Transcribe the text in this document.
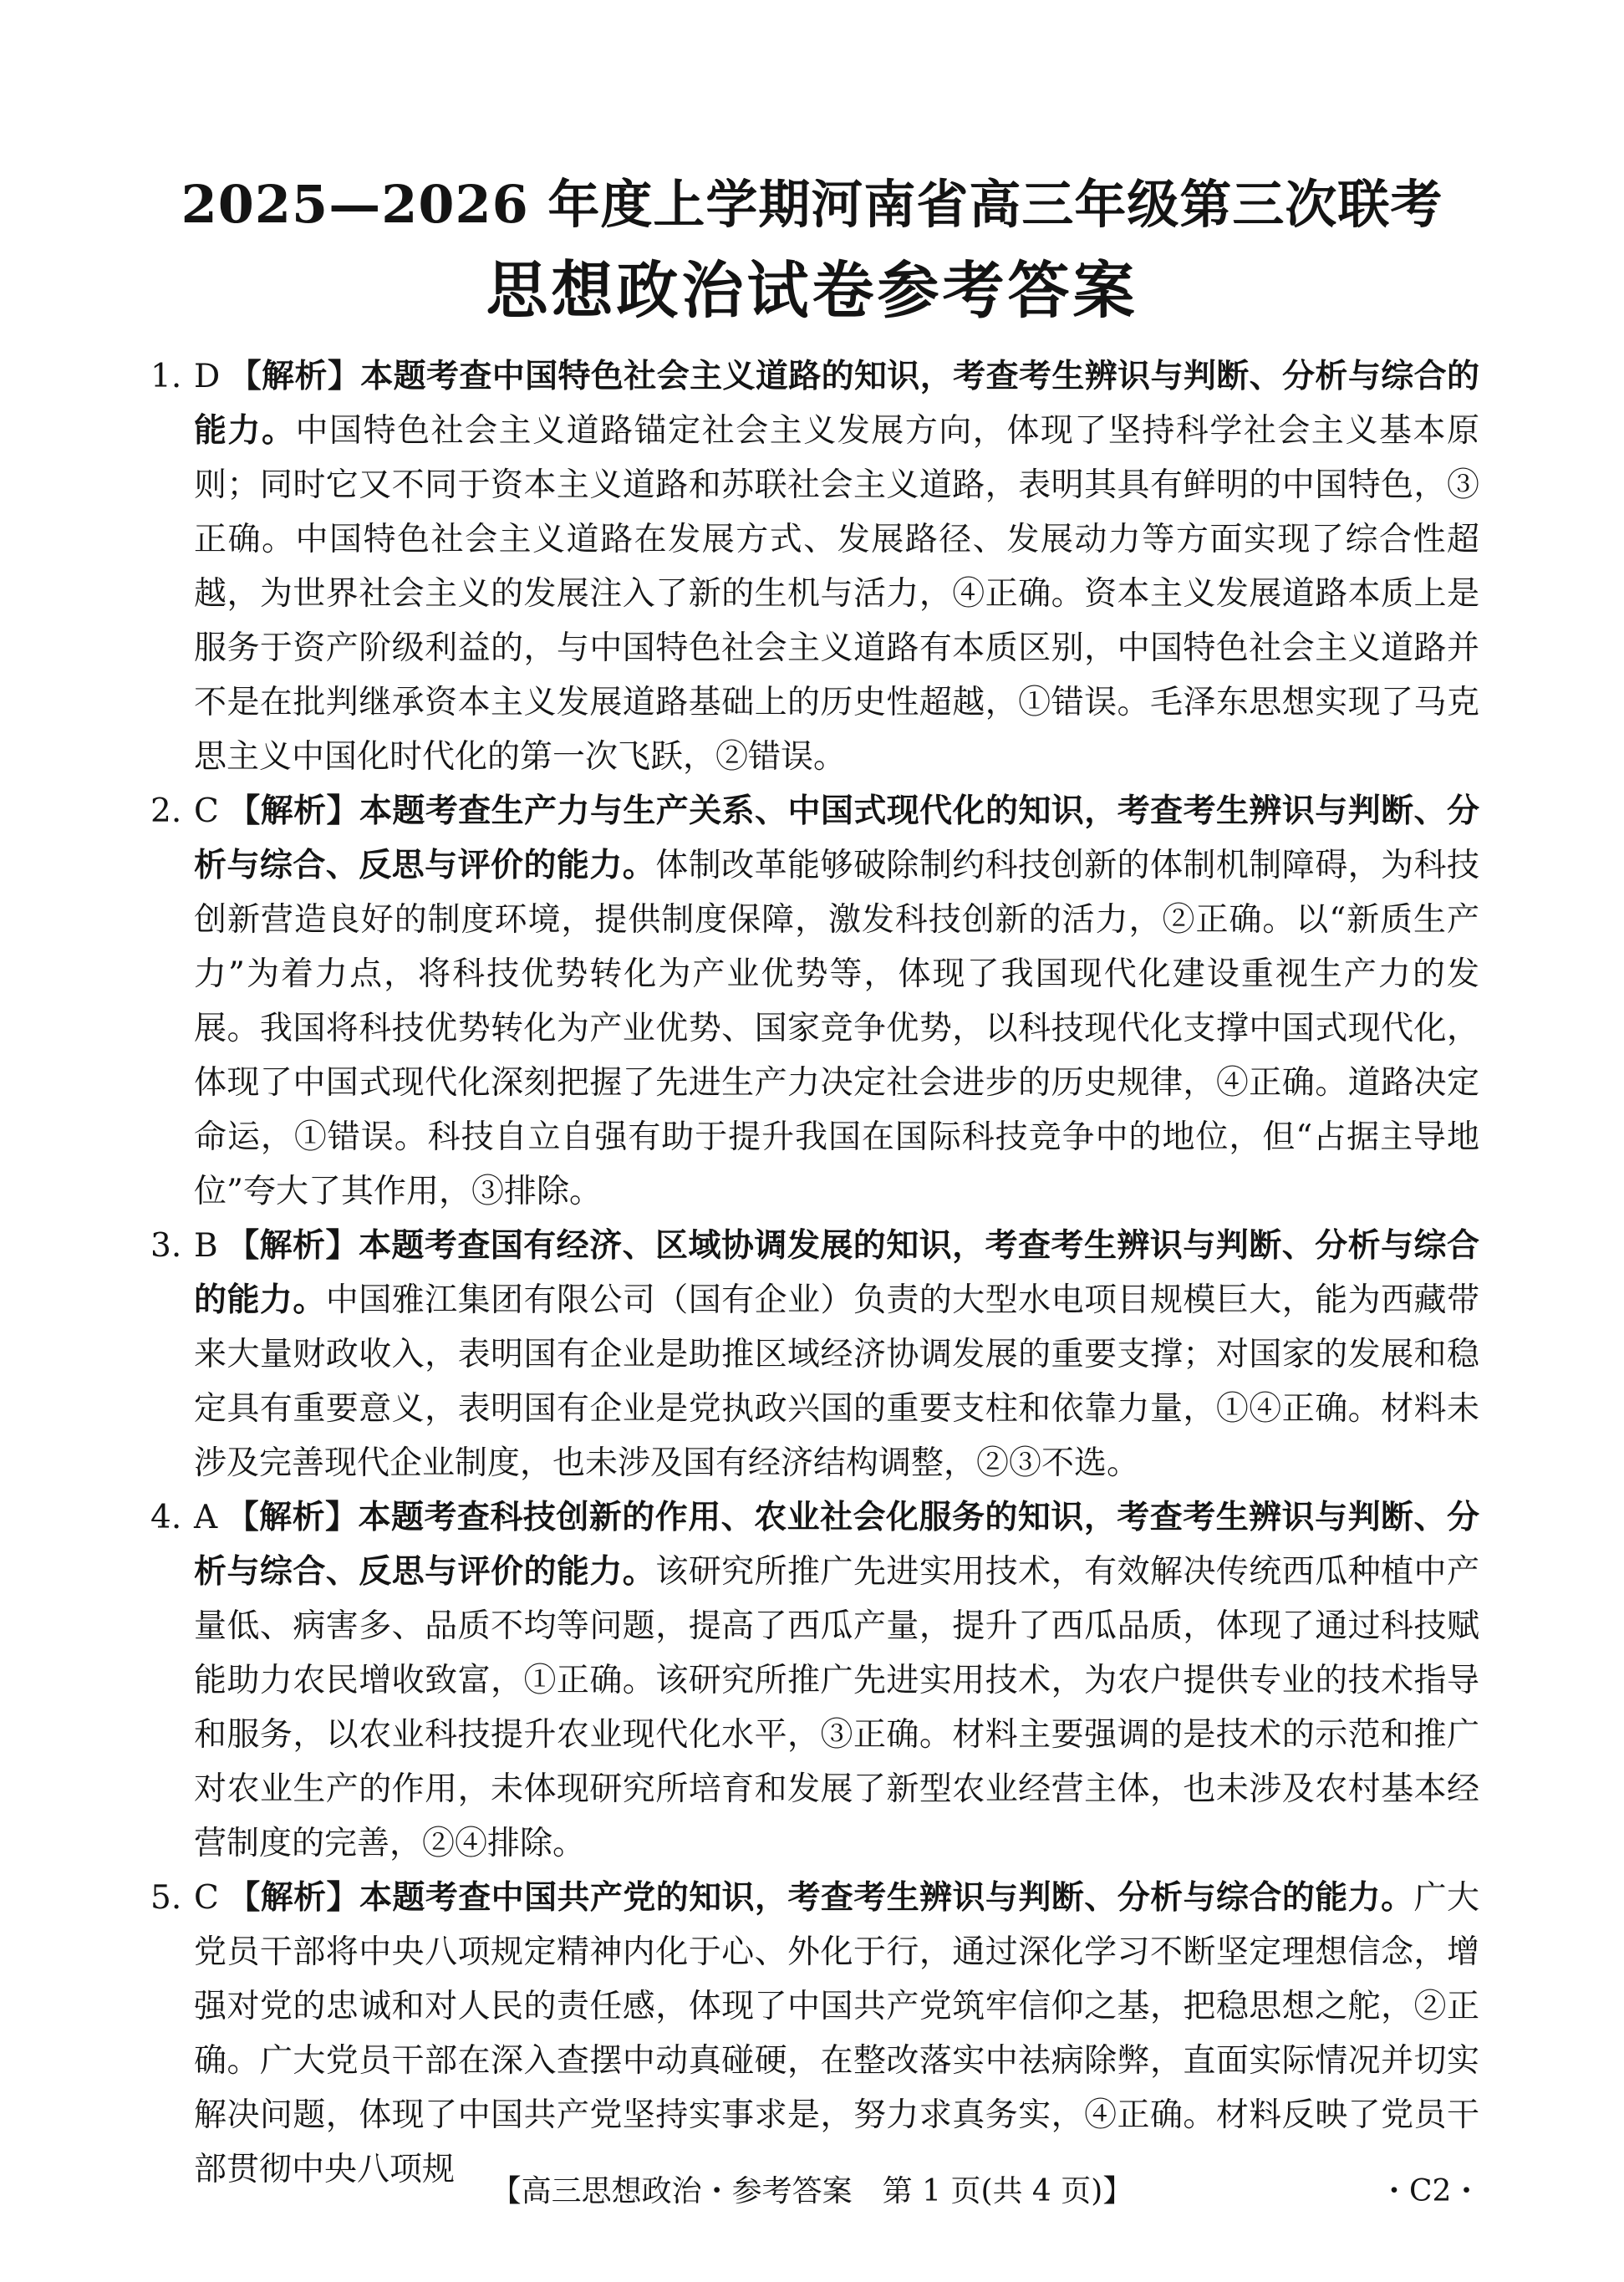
2025—2026 年度上学期河南省高三年级第三次联考
思想政治试卷参考答案
1. D 【解析】本题考查中国特色社会主义道路的知识，考查考生辨识与判断、分析与综合的能力。中国特色社会主义道路锚定社会主义发展方向，体现了坚持科学社会主义基本原则；同时它又不同于资本主义道路和苏联社会主义道路，表明其具有鲜明的中国特色，③正确。中国特色社会主义道路在发展方式、发展路径、发展动力等方面实现了综合性超越，为世界社会主义的发展注入了新的生机与活力，④正确。资本主义发展道路本质上是服务于资产阶级利益的，与中国特色社会主义道路有本质区别，中国特色社会主义道路并不是在批判继承资本主义发展道路基础上的历史性超越，①错误。毛泽东思想实现了马克思主义中国化时代化的第一次飞跃，②错误。
2. C 【解析】本题考查生产力与生产关系、中国式现代化的知识，考查考生辨识与判断、分析与综合、反思与评价的能力。体制改革能够破除制约科技创新的体制机制障碍，为科技创新营造良好的制度环境，提供制度保障，激发科技创新的活力，②正确。以“新质生产力”为着力点，将科技优势转化为产业优势等，体现了我国现代化建设重视生产力的发展。我国将科技优势转化为产业优势、国家竞争优势，以科技现代化支撑中国式现代化，体现了中国式现代化深刻把握了先进生产力决定社会进步的历史规律，④正确。道路决定命运，①错误。科技自立自强有助于提升我国在国际科技竞争中的地位，但“占据主导地位”夸大了其作用，③排除。
3. B 【解析】本题考查国有经济、区域协调发展的知识，考查考生辨识与判断、分析与综合的能力。中国雅江集团有限公司（国有企业）负责的大型水电项目规模巨大，能为西藏带来大量财政收入，表明国有企业是助推区域经济协调发展的重要支撑；对国家的发展和稳定具有重要意义，表明国有企业是党执政兴国的重要支柱和依靠力量，①④正确。材料未涉及完善现代企业制度，也未涉及国有经济结构调整，②③不选。
4. A 【解析】本题考查科技创新的作用、农业社会化服务的知识，考查考生辨识与判断、分析与综合、反思与评价的能力。该研究所推广先进实用技术，有效解决传统西瓜种植中产量低、病害多、品质不均等问题，提高了西瓜产量，提升了西瓜品质，体现了通过科技赋能助力农民增收致富，①正确。该研究所推广先进实用技术，为农户提供专业的技术指导和服务，以农业科技提升农业现代化水平，③正确。材料主要强调的是技术的示范和推广对农业生产的作用，未体现研究所培育和发展了新型农业经营主体，也未涉及农村基本经营制度的完善，②④排除。
5. C 【解析】本题考查中国共产党的知识，考查考生辨识与判断、分析与综合的能力。广大党员干部将中央八项规定精神内化于心、外化于行，通过深化学习不断坚定理想信念，增强对党的忠诚和对人民的责任感，体现了中国共产党筑牢信仰之基，把稳思想之舵，②正确。广大党员干部在深入查摆中动真碰硬，在整改落实中祛病除弊，直面实际情况并切实解决问题，体现了中国共产党坚持实事求是，努力求真务实，④正确。材料反映了党员干部贯彻中央八项规
【高三思想政治・参考答案　第 1 页(共 4 页)】	・C2・
